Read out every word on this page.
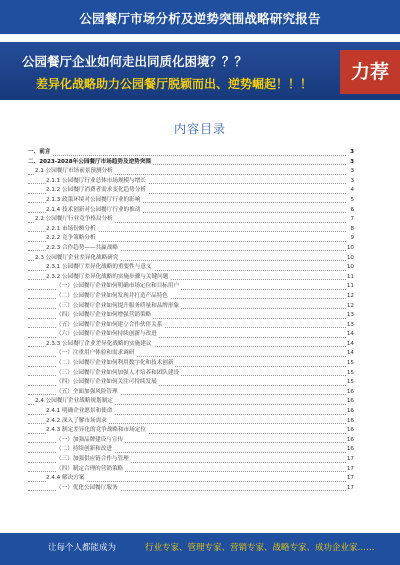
公园餐厅市场分析及逆势突围战略研究报告
公园餐厅企业如何走出同质化困境？？？
差异化战略助力公园餐厅脱颖而出、逆势崛起！！！
力荐
内容目录
一、前言	3
二、2023-2028年公园餐厅市场趋势及逆势突围	3
2.1 公园餐厅市场前景预测分析	3
2.1.1 公园餐厅行业总体市场规模与增长	3
2.1.2 公园餐厅消费者需求变化趋势分析	4
2.1.3 政策环境对公园餐厅行业的影响	5
2.1.4 技术创新对公园餐厅行业的推动	6
2.2 公园餐厅行业竞争格局分析	7
2.2.1 市场份额分析	8
2.2.2 竞争策略分析	9
2.2.3 合作趋势——共赢战略	10
2.3 公园餐厅企业差异化战略研究	10
2.3.1 公园餐厅差异化战略的重要性与意义	10
2.3.2 公园餐厅差异化战略的实施步骤与关键问题	11
（一）公园餐厅企业如何明确市场定位和目标用户	11
（二）公园餐厅企业如何发现并打造产品特色	12
（三）公园餐厅企业如何提升服务质量和品牌形象	12
（四）公园餐厅企业如何增强营销策略	13
（五）公园餐厅企业如何建立合作伙伴关系	13
（六）公园餐厅企业如何持续创新与改进	14
2.3.3 公园餐厅企业差异化战略的实施建议	14
（一）注重用户体验和需求调研	14
（二）公园餐厅企业如何利用数字化和技术创新	15
（三）公园餐厅企业如何加强人才培养和团队建设	15
（四）公园餐厅企业如何关注可持续发展	15
（五）全面加强风险管理	16
2.4 公园餐厅企业战略规划制定	16
2.4.1 明确企业愿景和使命	16
2.4.2 深入了解市场需求	16
2.4.3 制定差异化的竞争战略和市场定位	16
（一）加强品牌建设与宣传	16
（二）持续创新和改进	16
（三）加强供应链合作与管理	17
（四）制定合理的营销策略	17
2.4.4 解决方案	17
（一）优化公园餐厅服务	17
让每个人都能成为	行业专家、管理专家、营销专家、战略专家、成功企业家……
